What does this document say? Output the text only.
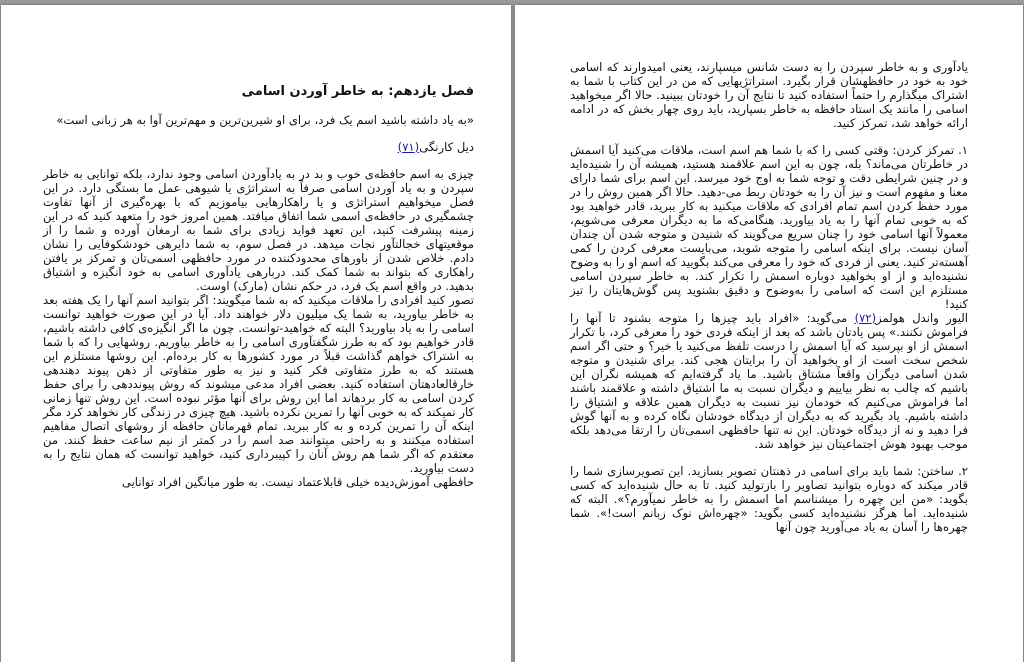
فصل یازدهم: به خاطر آوردن اسامی

«به یاد داشته باشید اسم یک فرد، برای او شیرین‌ترین و مهم‌ترین آوا به هر زبانی است»

دیل کارنگی(۷۱)

چیزی به اسم حافظه‌ی خوب و بد در به یادآوردن اسامی وجود ندارد، بلکه توانایی به خاطر سپردن و به یاد آوردن اسامی صرفاً به استراتژی یا شیوهی عمل ما بستگی دارد. در این فصل میخواهیم استراتژی و یا راهکارهایی بیاموزیم که با بهره‌گیری از آنها تفاوت چشمگیری در حافظه‌ی اسمی شما اتفاق میافتد. همین امروز خود را متعهد کنید که در این زمینه پیشرفت کنید، این تعهد فواید زیادی برای شما به ارمغان آورده و شما را از موقعیتهای خجالتآور نجات میدهد. در فصل سوم، به شما دایرهی خودشکوفایی را نشان دادم. خلاص شدن از باورهای محدودکننده در مورد حافظهی اسمی‌تان و تمرکز بر یافتن راهکاری که بتواند به شما کمک کند. دربارهی یادآوری اسامی به خود انگیزه و اشتیاق بدهید. در واقع اسم یک فرد، در حکم نشان (مارک) اوست.

تصور کنید افرادی را ملاقات میکنید که به شما میگویند: اگر بتوانید اسم آنها را یک هفته بعد به خاطر بیاورید، به شما یک میلیون دلار خواهند داد. آیا در این صورت خواهید توانست اسامی را به یاد بیاورید؟ البته که خواهید-توانست. چون ما اگر انگیزه‌ی کافی داشته باشیم، قادر خواهیم بود که به طرز شگفتآوری اسامی را به خاطر بیاوریم. روشهایی را که با شما به اشتراک خواهم گذاشت قبلاً در مورد کشورها به کار برده‌ام. این روشها مستلزم این هستند که به طرز متفاوتی فکر کنید و نیز به طور متفاوتی از ذهن پیوند دهندهی خارقالعادهتان استفاده کنید. بعضی افراد مدعی میشوند که روش پیونددهی را برای حفظ کردن اسامی به کار بردهاند اما این روش برای آنها مؤثر نبوده است. این روش تنها زمانی کار نمیکند که به خوبی آنها را تمرین نکرده باشید. هیچ چیزی در زندگی کار نخواهد کرد مگر اینکه آن را تمرین کرده و به کار ببرید. تمام قهرمانان حافظه از روشهای اتصال مفاهیم استفاده میکنند و به راحتی میتوانند صد اسم را در کمتر از نیم ساعت حفظ کنند. من معتقدم که اگر شما هم روش آنان را کپیبرداری کنید، خواهید توانست که همان نتایج را به دست بیاورید.

حافظهی آموزش‌دیده خیلی قابلاعتماد نیست. به طور میانگین افراد توانایی

یادآوری و به خاطر سپردن را به دست شانس میسپارند، یعنی امیدوارند که اسامی خود به خود در حافظهشان قرار بگیرد. استراتژیهایی که من در این کتاب با شما به اشتراک میگذارم را حتماً استفاده کنید تا نتایج آن را خودتان ببینید. حالا اگر میخواهید اسامی را مانند یک استاد حافظه به خاطر بسپارید، باید روی چهار بخش که در ادامه ارائه خواهد شد، تمرکز کنید.

۱. تمرکز کردن: وقتی کسی را که با شما هم اسم است، ملاقات می‌کنید آیا اسمش در خاطرتان می‌ماند؟ بله، چون به این اسم علاقمند هستید، همیشه آن را شنیده‌اید و در چنین شرایطی دقت و توجه شما به اوج خود میرسد. این اسم برای شما دارای معنا و مفهوم است و نیز آن را به خودتان ربط می-دهید. حالا اگر همین روش را در مورد حفظ کردن اسم تمام افرادی که ملاقات میکنید به کار ببرید، قادر خواهید بود که به خوبی تمام آنها را به یاد بیاورید. هنگامی‌که ما به دیگران معرفی می‌شویم، معمولاً آنها اسامی خود را چنان سریع می‌گویند که شنیدن و متوجه شدن آن چندان آسان نیست. برای اینکه اسامی را متوجه شوید، می‌بایست معرفی کردن را کمی آهسته‌تر کنید. یعنی از فردی که خود را معرفی می‌کند بگویید که اسم او را به وضوح نشنیده‌اید و از او بخواهید دوباره اسمش را تکرار کند. به خاطر سپردن اسامی مستلزم این است که اسامی را به‌وضوح و دقیق بشنوید پس گوش‌هایتان را تیز کنید!

الیور واندل هولمز(۷۲) می‌گوید: «افراد باید چیزها را متوجه بشنود تا آنها را فراموش نکنند.» پس یادتان باشد که بعد از اینکه فردی خود را معرفی کرد، با تکرار اسمش از او بپرسید که آیا اسمش را درست تلفظ می‌کنید یا خیر؟ و حتی اگر اسم شخص سخت است از او بخواهید آن را برایتان هجی کند. برای شنیدن و متوجه شدن اسامی دیگران واقعاً مشتاق باشید. ما یاد گرفته‌ایم که همیشه نگران این باشیم که چالب به نظر بیاییم و دیگران نسبت به ما اشتیاق داشته و علاقمند باشند اما فراموش می‌کنیم که خودمان نیز نسبت به دیگران همین علاقه و اشتیاق را داشته باشیم. یاد بگیرید که به دیگران از دیدگاه خودشان نگاه کرده و به آنها گوش فرا دهید و نه از دیدگاه خودتان. این نه تنها حافظهی اسمی‌تان را ارتقا می‌دهد بلکه موجب بهبود هوش اجتماعیتان نیز خواهد شد.

۲. ساختن: شما باید برای اسامی در ذهنتان تصویر بسازید. این تصویرسازی شما را قادر میکند که دوباره بتوانید تصاویر را بازتولید کنید. تا به حال شنیده‌اید که کسی بگوید: «من این چهره را میشناسم اما اسمش را به خاطر نمیآورم؟». البته که شنیده‌اید. اما هرگز نشنیده‌اید کسی بگوید: «چهره‌اش نوک زبانم است!». شما چهره‌ها را آسان به یاد می‌آورید چون آنها
